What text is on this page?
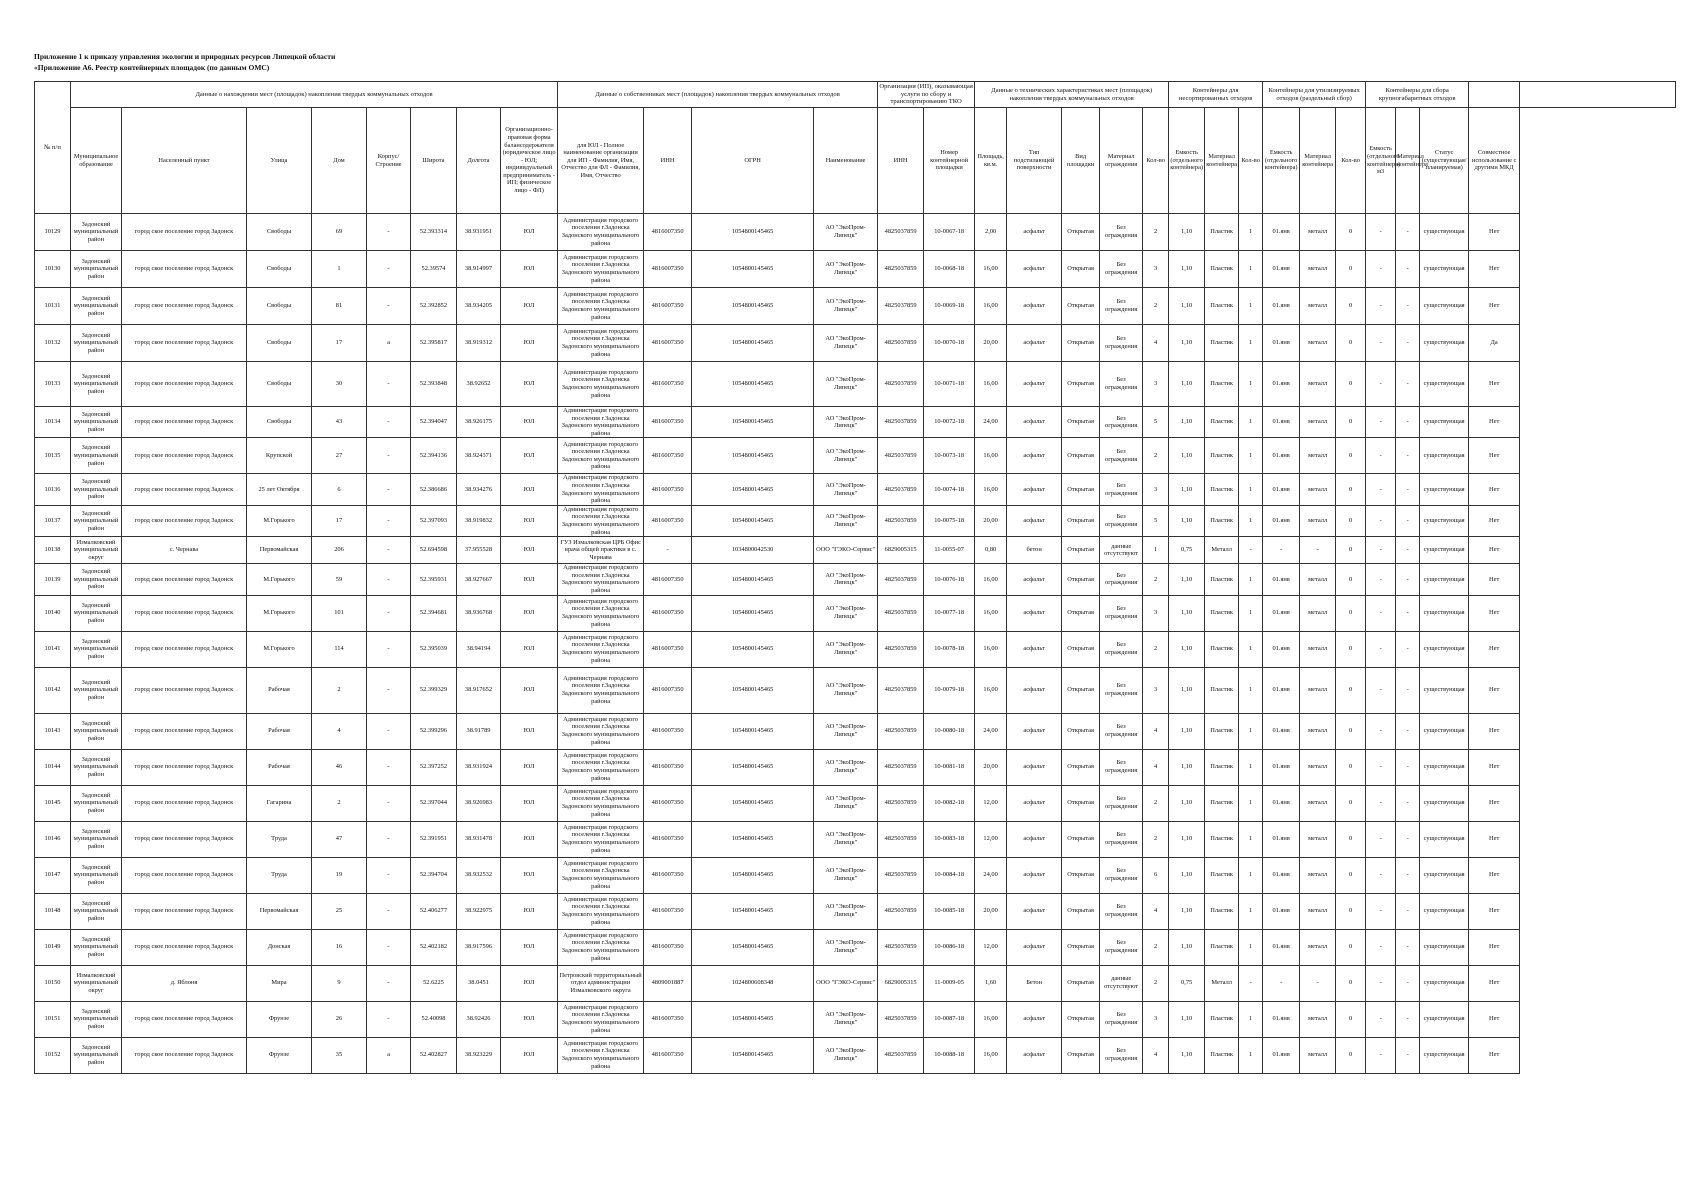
Приложение 1 к приказу управления экологии и природных ресурсов Липецкой области
«Приложение А6. Реестр контейнерных площадок (по данным ОМС)
№ п/п	Данные о нахождении мест (площадок) накопления твердых коммунальных отходов								Данные о собственниках мест (площадок) накопления твердых коммунальных отходов				Организация (ИП), оказывающая услуги по сбору и транспортированию ТКО		Данные о технических характеристиках мест (площадок) накопления твердых коммунальных отходов					Контейнеры для несортированных отходов			Контейнеры для утилизируемых отходов (раздельный сбор)			Контейнеры для сбора крупногабаритных отходов				
	Муниципальное образование	Населенный пункт	Улица	Дом	Корпус/Строение	Широта	Долгота	Организационно-правовая форма балансодержателя (юридическое лицо - ЮЛ; индивидуальный предприниматель - ИП; физическое лицо - ФЛ)	для ЮЛ - Полное наименование организации для ИП - Фамилия, Имя, Отчество для ФЛ - Фамилия, Имя, Отчество	ИНН	ОГРН	Наименование	ИНН	Номер контейнерной площадки	Площадь, кв.м.	Тип подстилающей поверхности	Вид площадки	Материал ограждения	Кол-во	Емкость (отдельного контейнера)	Материал контейнера	Кол-во	Емкость (отдельного контейнера)	Материал контейнера	Кол-во	Емкость (отдельного контейнера) м3	Материал контейнера	Статус (существующая/планируемая)	Совместное использование с другими МКД	
10129	Задонский муниципальный район	город ское поселение город Задонск	Свободы	69	-	52.393314	38.931951	ЮЛ	Администрация городского поселения г.Задонска Задонского муниципального района	4816007350	1054800145465	АО "ЭкоПром-Липецк"	4825037859	10-0067-18	2,00	асфальт	Открытая	Без ограждения	2	1,10	Пластик	1	01.янв	металл	0	-	-	существующая	Нет	
10130	Задонский муниципальный район	город ское поселение город Задонск	Свободы	1	-	52.39574	38.914997	ЮЛ	Администрация городского поселения г.Задонска Задонского муниципального района	4816007350	1054800145465	АО "ЭкоПром-Липецк"	4825037859	10-0068-18	16,00	асфальт	Открытая	Без ограждения	3	1,10	Пластик	1	01.янв	металл	0	-	-	существующая	Нет	
10131	Задонский муниципальный район	город ское поселение город Задонск	Свободы	81	-	52.392852	38.934205	ЮЛ	Администрация городского поселения г.Задонска Задонского муниципального района	4816007350	1054800145465	АО "ЭкоПром-Липецк"	4825037859	10-0069-18	16,00	асфальт	Открытая	Без ограждения	2	1,10	Пластик	1	01.янв	металл	0	-	-	существующая	Нет	
10132	Задонский муниципальный район	город ское поселение город Задонск	Свободы	17	а	52.395817	38.919312	ЮЛ	Администрация городского поселения г.Задонска Задонского муниципального района	4816007350	1054800145465	АО "ЭкоПром-Липецк"	4825037859	10-0070-18	20,00	асфальт	Открытая	Без ограждения	4	1,10	Пластик	1	01.янв	металл	0	-	-	существующая	Да	
10133	Задонский муниципальный район	город ское поселение город Задонск	Свободы	30	-	52.393848	38.92652	ЮЛ	Администрация городского поселения г.Задонска Задонского муниципального района	4816007350	1054800145465	АО "ЭкоПром-Липецк"	4825037859	10-0071-18	16,00	асфальт	Открытая	Без ограждения	3	1,10	Пластик	1	01.янв	металл	0	-	-	существующая	Нет	
10134	Задонский муниципальный район	город ское поселение город Задонск	Свободы	43	-	52.394047	38.926175	ЮЛ	Администрация городского поселения г.Задонска Задонского муниципального района	4816007350	1054800145465	АО "ЭкоПром-Липецк"	4825037859	10-0072-18	24,00	асфальт	Открытая	Без ограждения	5	1,10	Пластик	1	01.янв	металл	0	-	-	существующая	Нет	
10135	Задонский муниципальный район	город ское поселение город Задонск	Крупской	27	-	52.394136	38.924371	ЮЛ	Администрация городского поселения г.Задонска Задонского муниципального района	4816007350	1054800145465	АО "ЭкоПром-Липецк"	4825037859	10-0073-18	16,00	асфальт	Открытая	Без ограждения	2	1,10	Пластик	1	01.янв	металл	0	-	-	существующая	Нет	
10136	Задонский муниципальный район	город ское поселение город Задонск	25 лет Октября	6	-	52.386686	38.934276	ЮЛ	Администрация городского поселения г.Задонска Задонского муниципального района	4816007350	1054800145465	АО "ЭкоПром-Липецк"	4825037859	10-0074-18	16,00	асфальт	Открытая	Без ограждения	3	1,10	Пластик	1	01.янв	металл	0	-	-	существующая	Нет	
10137	Задонский муниципальный район	город ское поселение город Задонск	М.Горького	17	-	52.397093	38.919832	ЮЛ	Администрация городского поселения г.Задонска Задонского муниципального района	4816007350	1054800145465	АО "ЭкоПром-Липецк"	4825037859	10-0075-18	20,00	асфальт	Открытая	Без ограждения	5	1,10	Пластик	1	01.янв	металл	0	-	-	существующая	Нет	
10138	Измалковский муниципальный округ	с. Чернава	Первомайская	206	-	52.694598	37.955528	ЮЛ	ГУЗ Измалковская ЦРБ Офис врача общей практики в с. Чернава	-	1034800042530	ООО "ГЭКО-Сервис"	6829005315	11-0055-07	0,80	бетон	Открытая	данные отсутствуют	1	0,75	Металл	-	-	-	0	-	-	существующая	Нет	
10139	Задонский муниципальный район	город ское поселение город Задонск	М.Горького	59	-	52.395931	38.927667	ЮЛ	Администрация городского поселения г.Задонска Задонского муниципального района	4816007350	1054800145465	АО "ЭкоПром-Липецк"	4825037859	10-0076-18	16,00	асфальт	Открытая	Без ограждения	2	1,10	Пластик	1	01.янв	металл	0	-	-	существующая	Нет	
10140	Задонский муниципальный район	город ское поселение город Задонск	М.Горького	101	-	52.394681	38.936768	ЮЛ	Администрация городского поселения г.Задонска Задонского муниципального района	4816007350	1054800145465	АО "ЭкоПром-Липецк"	4825037859	10-0077-18	16,00	асфальт	Открытая	Без ограждения	3	1,10	Пластик	1	01.янв	металл	0	-	-	существующая	Нет	
10141	Задонский муниципальный район	город ское поселение город Задонск	М.Горького	114	-	52.395039	38.94194	ЮЛ	Администрация городского поселения г.Задонска Задонского муниципального района	4816007350	1054800145465	АО "ЭкоПром-Липецк"	4825037859	10-0078-18	16,00	асфальт	Открытая	Без ограждения	2	1,10	Пластик	1	01.янв	металл	0	-	-	существующая	Нет	
10142	Задонский муниципальный район	город ское поселение город Задонск	Рабочая	2	-	52.399329	38.917652	ЮЛ	Администрация городского поселения г.Задонска Задонского муниципального района	4816007350	1054800145465	АО "ЭкоПром-Липецк"	4825037859	10-0079-18	16,00	асфальт	Открытая	Без ограждения	3	1,10	Пластик	1	01.янв	металл	0	-	-	существующая	Нет	
10143	Задонский муниципальный район	город ское поселение город Задонск	Рабочая	4	-	52.399296	38.91789	ЮЛ	Администрация городского поселения г.Задонска Задонского муниципального района	4816007350	1054800145465	АО "ЭкоПром-Липецк"	4825037859	10-0080-18	24,00	асфальт	Открытая	Без ограждения	4	1,10	Пластик	1	01.янв	металл	0	-	-	существующая	Нет	
10144	Задонский муниципальный район	город ское поселение город Задонск	Рабочая	46	-	52.397252	38.931924	ЮЛ	Администрация городского поселения г.Задонска Задонского муниципального района	4816007350	1054800145465	АО "ЭкоПром-Липецк"	4825037859	10-0081-18	20,00	асфальт	Открытая	Без ограждения	4	1,10	Пластик	1	01.янв	металл	0	-	-	существующая	Нет	
10145	Задонский муниципальный район	город ское поселение город Задонск	Гагарина	2	-	52.397044	38.926983	ЮЛ	Администрация городского поселения г.Задонска Задонского муниципального района	4816007350	1054800145465	АО "ЭкоПром-Липецк"	4825037859	10-0082-18	12,00	асфальт	Открытая	Без ограждения	2	1,10	Пластик	1	01.янв	металл	0	-	-	существующая	Нет	
10146	Задонский муниципальный район	город ское поселение город Задонск	Труда	47	-	52.391951	38.931478	ЮЛ	Администрация городского поселения г.Задонска Задонского муниципального района	4816007350	1054800145465	АО "ЭкоПром-Липецк"	4825037859	10-0083-18	12,00	асфальт	Открытая	Без ограждения	2	1,10	Пластик	1	01.янв	металл	0	-	-	существующая	Нет	
10147	Задонский муниципальный район	город ское поселение город Задонск	Труда	19	-	52.394704	38.932532	ЮЛ	Администрация городского поселения г.Задонска Задонского муниципального района	4816007350	1054800145465	АО "ЭкоПром-Липецк"	4825037859	10-0084-18	24,00	асфальт	Открытая	Без ограждения	6	1,10	Пластик	1	01.янв	металл	0	-	-	существующая	Нет	
10148	Задонский муниципальный район	город ское поселение город Задонск	Первомайская	25	-	52.406277	38.922975	ЮЛ	Администрация городского поселения г.Задонска Задонского муниципального района	4816007350	1054800145465	АО "ЭкоПром-Липецк"	4825037859	10-0085-18	20,00	асфальт	Открытая	Без ограждения	4	1,10	Пластик	1	01.янв	металл	0	-	-	существующая	Нет	
10149	Задонский муниципальный район	город ское поселение город Задонск	Донская	16	-	52.402182	38.917596	ЮЛ	Администрация городского поселения г.Задонска Задонского муниципального района	4816007350	1054800145465	АО "ЭкоПром-Липецк"	4825037859	10-0086-18	12,00	асфальт	Открытая	Без ограждения	2	1,10	Пластик	1	01.янв	металл	0	-	-	существующая	Нет	
10150	Измалковский муниципальный округ	д. Яблоня	Мира	9	-	52.6225	38.0451	ЮЛ	Петровский территориальный отдел администрации Измалковского округа	4809001887	1024800608348	ООО "ГЭКО-Сервис"	6829005315	11-0009-05	1,60	Бетон	Открытая	данные отсутствуют	2	0,75	Металл	-	-	-	0	-	-	существующая	Нет	
10151	Задонский муниципальный район	город ское поселение город Задонск	Фрунзе	26	-	52.40098	38.92426	ЮЛ	Администрация городского поселения г.Задонска Задонского муниципального района	4816007350	1054800145465	АО "ЭкоПром-Липецк"	4825037859	10-0087-18	16,00	асфальт	Открытая	Без ограждения	3	1,10	Пластик	1	01.янв	металл	0	-	-	существующая	Нет	
10152	Задонский муниципальный район	город ское поселение город Задонск	Фрунзе	35	а	52.402827	38.923229	ЮЛ	Администрация городского поселения г.Задонска Задонского муниципального района	4816007350	1054800145465	АО "ЭкоПром-Липецк"	4825037859	10-0088-18	16,00	асфальт	Открытая	Без ограждения	4	1,10	Пластик	1	01.янв	металл	0	-	-	существующая	Нет	
